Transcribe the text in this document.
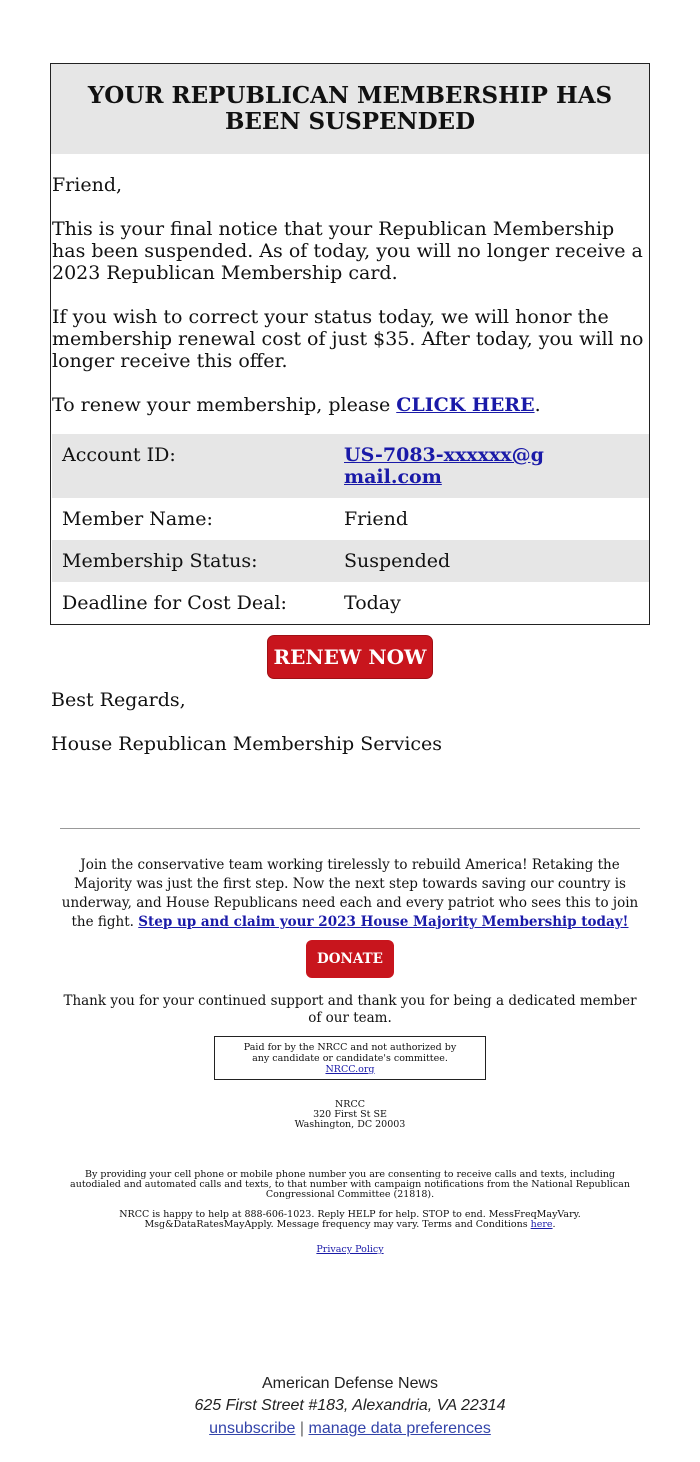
YOUR REPUBLICAN MEMBERSHIP HAS BEEN SUSPENDED

Friend,

This is your final notice that your Republican Membership has been suspended. As of today, you will no longer receive a 2023 Republican Membership card.

If you wish to correct your status today, we will honor the membership renewal cost of just $35. After today, you will no longer receive this offer.

To renew your membership, please CLICK HERE.

Account ID:	US-7083-xxxxxx@gmail.com
Member Name:	Friend
Membership Status:	Suspended
Deadline for Cost Deal:	Today
RENEW NOW
Best Regards,
House Republican Membership Services

Join the conservative team working tirelessly to rebuild America! Retaking the Majority was just the first step. Now the next step towards saving our country is underway, and House Republicans need each and every patriot who sees this to join the fight. Step up and claim your 2023 House Majority Membership today!

DONATE

Thank you for your continued support and thank you for being a dedicated member of our team.

Paid for by the NRCC and not authorized by any candidate or candidate's committee. NRCC.org

NRCC
320 First St SE
Washington, DC 20003

By providing your cell phone or mobile phone number you are consenting to receive calls and texts, including autodialed and automated calls and texts, to that number with campaign notifications from the National Republican Congressional Committee (21818).

NRCC is happy to help at 888-606-1023. Reply HELP for help. STOP to end. MessFreqMayVary. Msg&DataRatesMayApply. Message frequency may vary. Terms and Conditions here.

Privacy Policy

American Defense News
625 First Street #183, Alexandria, VA 22314
unsubscribe | manage data preferences
